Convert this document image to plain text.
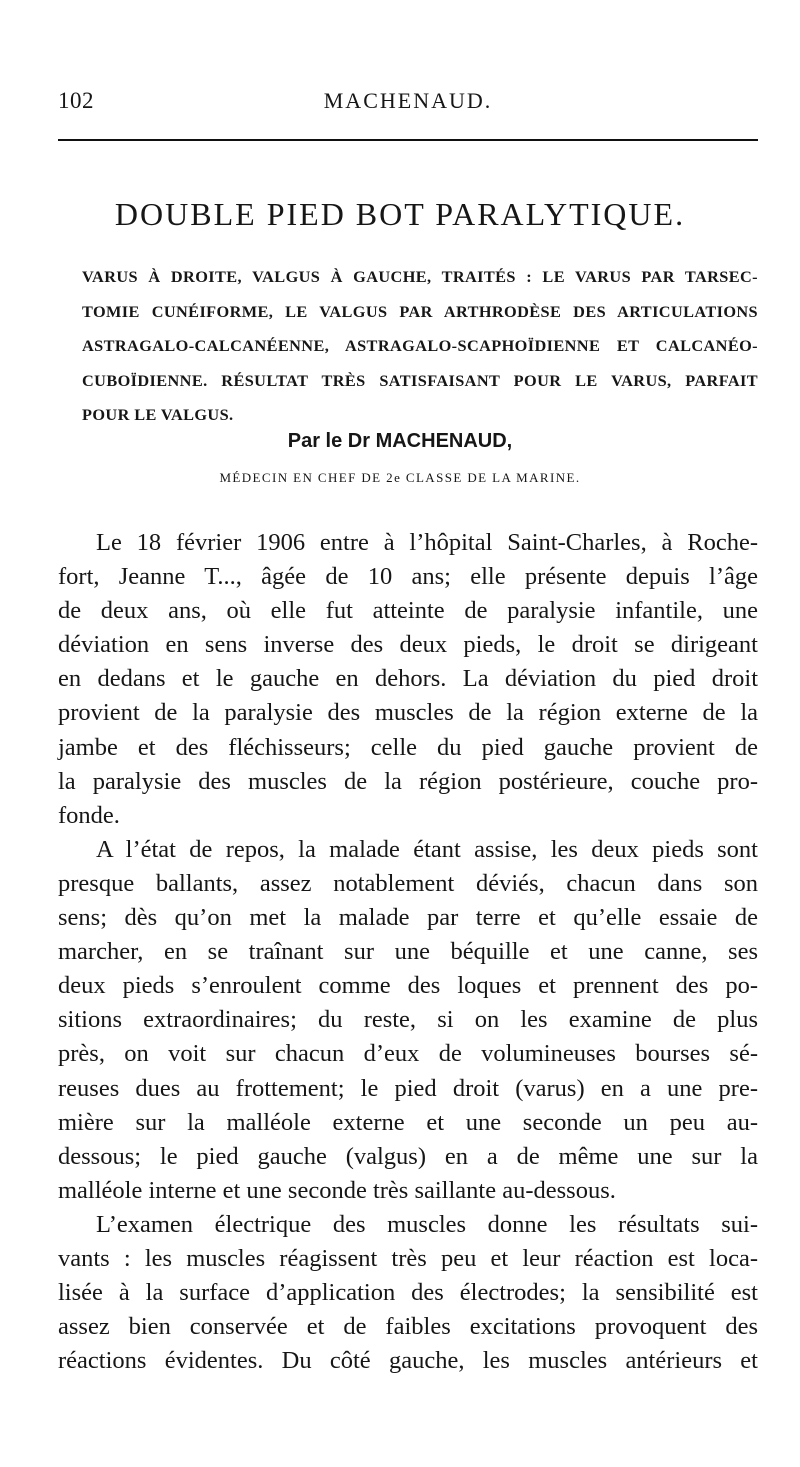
102	MACHENAUD.
DOUBLE PIED BOT PARALYTIQUE.
VARUS À DROITE, VALGUS À GAUCHE, TRAITÉS : LE VARUS PAR TARSEC-
TOMIE CUNÉIFORME, LE VALGUS PAR ARTHRODÈSE DES ARTICULATIONS
ASTRAGALO-CALCANÉENNE, ASTRAGALO-SCAPHOÏDIENNE ET CALCANÉO-
CUBOÏDIENNE. RÉSULTAT TRÈS SATISFAISANT POUR LE VARUS, PARFAIT
POUR LE VALGUS.
Par le Dr MACHENAUD,
MÉDECIN EN CHEF DE 2e CLASSE DE LA MARINE.
Le 18 février 1906 entre à l’hôpital Saint-Charles, à Roche-
fort, Jeanne T..., âgée de 10 ans; elle présente depuis l’âge
de deux ans, où elle fut atteinte de paralysie infantile, une
déviation en sens inverse des deux pieds, le droit se dirigeant
en dedans et le gauche en dehors. La déviation du pied droit
provient de la paralysie des muscles de la région externe de la
jambe et des fléchisseurs; celle du pied gauche provient de
la paralysie des muscles de la région postérieure, couche pro-
fonde.
A l’état de repos, la malade étant assise, les deux pieds sont
presque ballants, assez notablement déviés, chacun dans son
sens; dès qu’on met la malade par terre et qu’elle essaie de
marcher, en se traînant sur une béquille et une canne, ses
deux pieds s’enroulent comme des loques et prennent des po-
sitions extraordinaires; du reste, si on les examine de plus
près, on voit sur chacun d’eux de volumineuses bourses sé-
reuses dues au frottement; le pied droit (varus) en a une pre-
mière sur la malléole externe et une seconde un peu au-
dessous; le pied gauche (valgus) en a de même une sur la
malléole interne et une seconde très saillante au-dessous.
L’examen électrique des muscles donne les résultats sui-
vants : les muscles réagissent très peu et leur réaction est loca-
lisée à la surface d’application des électrodes; la sensibilité est
assez bien conservée et de faibles excitations provoquent des
réactions évidentes. Du côté gauche, les muscles antérieurs et
